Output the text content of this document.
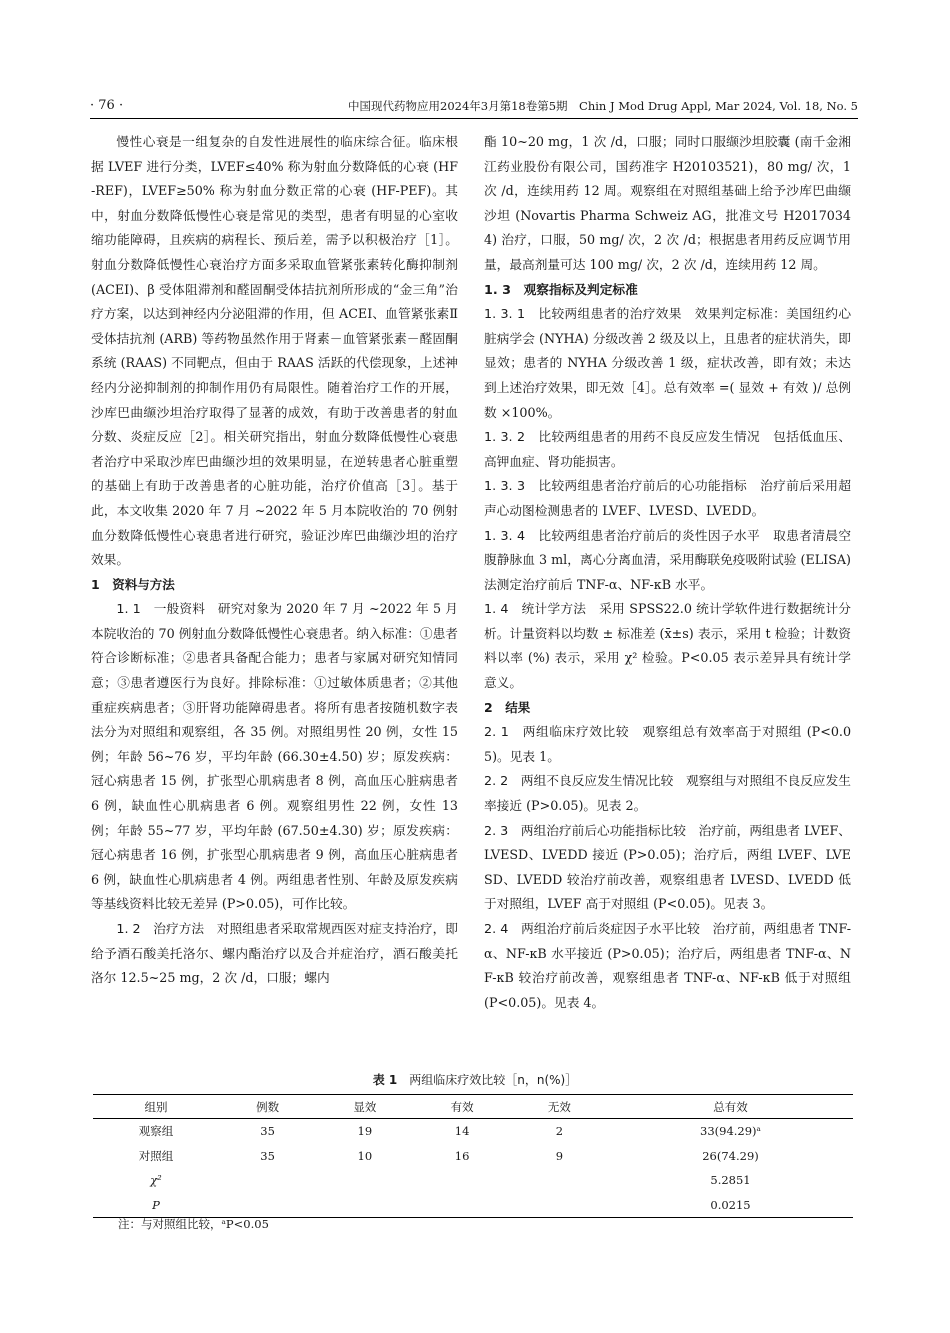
· 76 ·	中国现代药物应用2024年3月第18卷第5期　Chin J Mod Drug Appl, Mar 2024, Vol. 18, No. 5

慢性心衰是一组复杂的自发性进展性的临床综合征。临床根据 LVEF 进行分类，LVEF≤40% 称为射血分数降低的心衰 (HF-REF)，LVEF≥50% 称为射血分数正常的心衰 (HF-PEF)。其中，射血分数降低慢性心衰是常见的类型，患者有明显的心室收缩功能障碍，且疾病的病程长、预后差，需予以积极治疗［1］。射血分数降低慢性心衰治疗方面多采取血管紧张素转化酶抑制剂 (ACEI)、β 受体阻滞剂和醛固酮受体拮抗剂所形成的“金三角”治疗方案，以达到神经内分泌阻滞的作用，但 ACEI、血管紧张素Ⅱ受体拮抗剂 (ARB) 等药物虽然作用于肾素－血管紧张素－醛固酮系统 (RAAS) 不同靶点，但由于 RAAS 活跃的代偿现象，上述神经内分泌抑制剂的抑制作用仍有局限性。随着治疗工作的开展，沙库巴曲缬沙坦治疗取得了显著的成效，有助于改善患者的射血分数、炎症反应［2］。相关研究指出，射血分数降低慢性心衰患者治疗中采取沙库巴曲缬沙坦的效果明显，在逆转患者心脏重塑的基础上有助于改善患者的心脏功能，治疗价值高［3］。基于此，本文收集 2020 年 7 月 ~2022 年 5 月本院收治的 70 例射血分数降低慢性心衰患者进行研究，验证沙库巴曲缬沙坦的治疗效果。

1　资料与方法

1. 1　一般资料　 研究对象为 2020 年 7 月 ~2022 年 5 月本院收治的 70 例射血分数降低慢性心衰患者。纳入标准：①患者符合诊断标准；②患者具备配合能力；患者与家属对研究知情同意；③患者遵医行为良好。排除标准：①过敏体质患者；②其他重症疾病患者；③肝肾功能障碍患者。将所有患者按随机数字表法分为对照组和观察组，各 35 例。对照组男性 20 例，女性 15 例；年龄 56~76 岁，平均年龄 (66.30±4.50) 岁；原发疾病：冠心病患者 15 例，扩张型心肌病患者 8 例，高血压心脏病患者 6 例，缺血性心肌病患者 6 例。观察组男性 22 例，女性 13 例；年龄 55~77 岁，平均年龄 (67.50±4.30) 岁；原发疾病：冠心病患者 16 例，扩张型心肌病患者 9 例，高血压心脏病患者 6 例，缺血性心肌病患者 4 例。两组患者性别、年龄及原发疾病等基线资料比较无差异 (P>0.05)，可作比较。

1. 2　治疗方法　 对照组患者采取常规西医对症支持治疗，即给予酒石酸美托洛尔、螺内酯治疗以及合并症治疗，酒石酸美托洛尔 12.5~25 mg，2 次 /d，口服；螺内

酯 10~20 mg，1 次 /d，口服；同时口服缬沙坦胶囊 (南千金湘江药业股份有限公司，国药准字 H20103521)，80 mg/ 次，1 次 /d，连续用药 12 周。观察组在对照组基础上给予沙库巴曲缬沙坦 (Novartis Pharma Schweiz AG，批准文号 H20170344) 治疗，口服，50 mg/ 次，2 次 /d；根据患者用药反应调节用量，最高剂量可达 100 mg/ 次，2 次 /d，连续用药 12 周。

1. 3　观察指标及判定标准

1. 3. 1　比较两组患者的治疗效果　 效果判定标准：美国纽约心脏病学会 (NYHA) 分级改善 2 级及以上，且患者的症状消失，即显效；患者的 NYHA 分级改善 1 级，症状改善，即有效；未达到上述治疗效果，即无效［4］。总有效率 =( 显效 + 有效 )/ 总例数 ×100%。

1. 3. 2　比较两组患者的用药不良反应发生情况　 包括低血压、高钾血症、肾功能损害。

1. 3. 3　比较两组患者治疗前后的心功能指标　 治疗前后采用超声心动图检测患者的 LVEF、LVESD、LVEDD。

1. 3. 4　比较两组患者治疗前后的炎性因子水平　 取患者清晨空腹静脉血 3 ml，离心分离血清，采用酶联免疫吸附试验 (ELISA) 法测定治疗前后 TNF-α、NF-κB 水平。

1. 4　统计学方法　 采用 SPSS22.0 统计学软件进行数据统计分析。计量资料以均数 ± 标准差 (x̄±s) 表示，采用 t 检验；计数资料以率 (%) 表示，采用 χ² 检验。P<0.05 表示差异具有统计学意义。

2　结果

2. 1　两组临床疗效比较　 观察组总有效率高于对照组 (P<0.05)。见表 1。

2. 2　两组不良反应发生情况比较　 观察组与对照组不良反应发生率接近 (P>0.05)。见表 2。

2. 3　两组治疗前后心功能指标比较　 治疗前，两组患者 LVEF、LVESD、LVEDD 接近 (P>0.05)；治疗后，两组 LVEF、LVESD、LVEDD 较治疗前改善，观察组患者 LVESD、LVEDD 低于对照组，LVEF 高于对照组 (P<0.05)。见表 3。

2. 4　两组治疗前后炎症因子水平比较　 治疗前，两组患者 TNF-α、NF-κB 水平接近 (P>0.05)；治疗后，两组患者 TNF-α、NF-κB 较治疗前改善，观察组患者 TNF-α、NF-κB 低于对照组 (P<0.05)。见表 4。

表 1 两组临床疗效比较［n，n(%)］
组别	例数	显效	有效	无效	总有效
观察组	35	19	14	2	33(94.29)ᵃ
对照组	35	10	16	9	26(74.29)
χ²					5.2851
P					0.0215
注：与对照组比较，ᵃP<0.05
